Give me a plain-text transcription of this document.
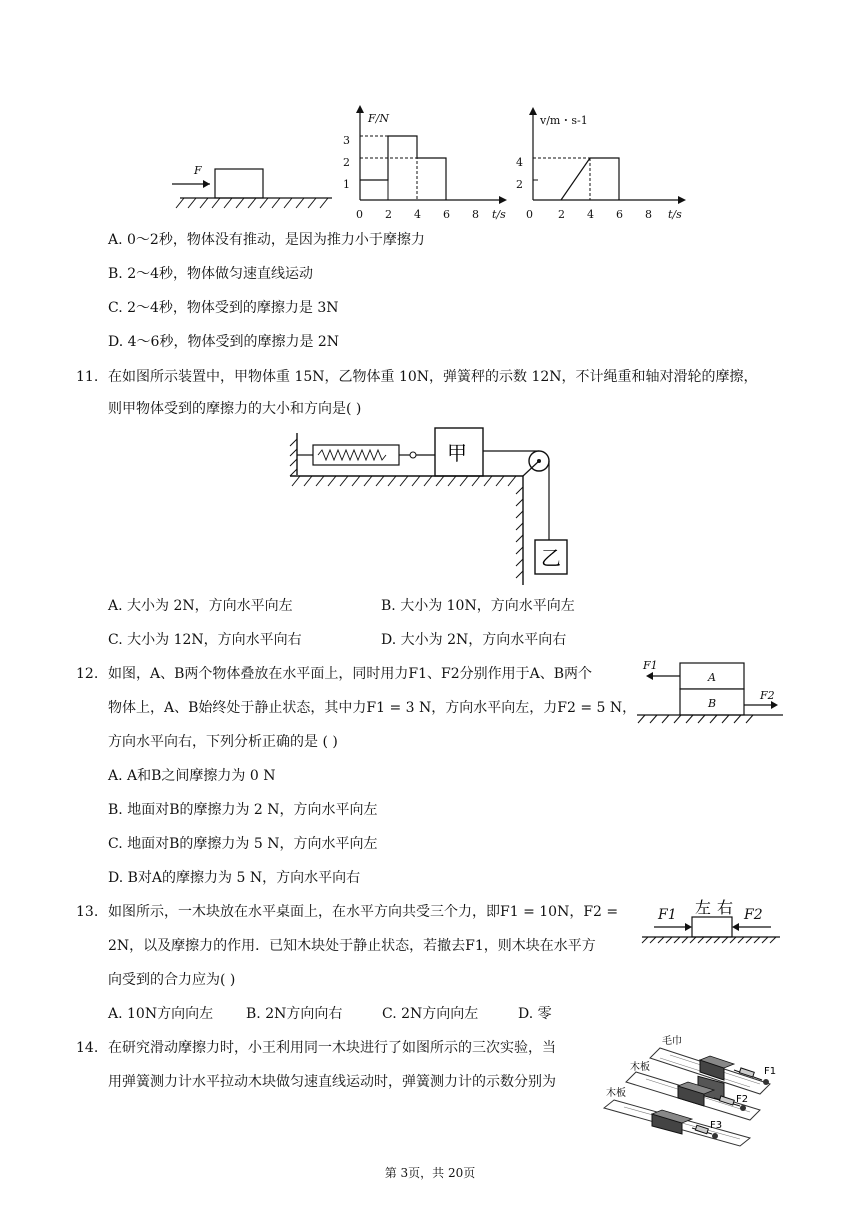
F
F/N
3
2
1
0 2 4 6 8 t/s
v/m・s-1
4
2
0 2 4 6 8 t/s
A. 0～2秒，物体没有推动，是因为推力小于摩擦力
B. 2～4秒，物体做匀速直线运动
C. 2～4秒，物体受到的摩擦力是 3N
D. 4～6秒，物体受到的摩擦力是 2N
11. 在如图所示装置中，甲物体重 15N，乙物体重 10N，弹簧秤的示数 12N，不计绳重和轴对滑轮的摩擦，
则甲物体受到的摩擦力的大小和方向是( )
甲
乙
A. 大小为 2N，方向水平向左	B. 大小为 10N，方向水平向左
C. 大小为 12N，方向水平向右	D. 大小为 2N，方向水平向右
12. 如图，A、B两个物体叠放在水平面上，同时用力F1、F2分别作用于A、B两个
物体上，A、B始终处于静止状态，其中力F1 = 3 N，方向水平向左，力F2 = 5 N，
方向水平向右，下列分析正确的是 ( )
A
B
F1
F2
A. A和B之间摩擦力为 0 N
B. 地面对B的摩擦力为 2 N，方向水平向左
C. 地面对B的摩擦力为 5 N，方向水平向左
D. B对A的摩擦力为 5 N，方向水平向右
13. 如图所示，一木块放在水平桌面上，在水平方向共受三个力，即F1 = 10N，F2 =
2N，以及摩擦力的作用．已知木块处于静止状态，若撤去F1，则木块在水平方
向受到的合力应为( )
左 右
F1	F2
A. 10N方向向左 B. 2N方向向右	C. 2N方向向左	D. 零
14. 在研究滑动摩擦力时，小王利用同一木块进行了如图所示的三次实验，当
用弹簧测力计水平拉动木块做匀速直线运动时，弹簧测力计的示数分别为
毛巾
木板
木板
F1
F2
F3
第 3页，共 20页
